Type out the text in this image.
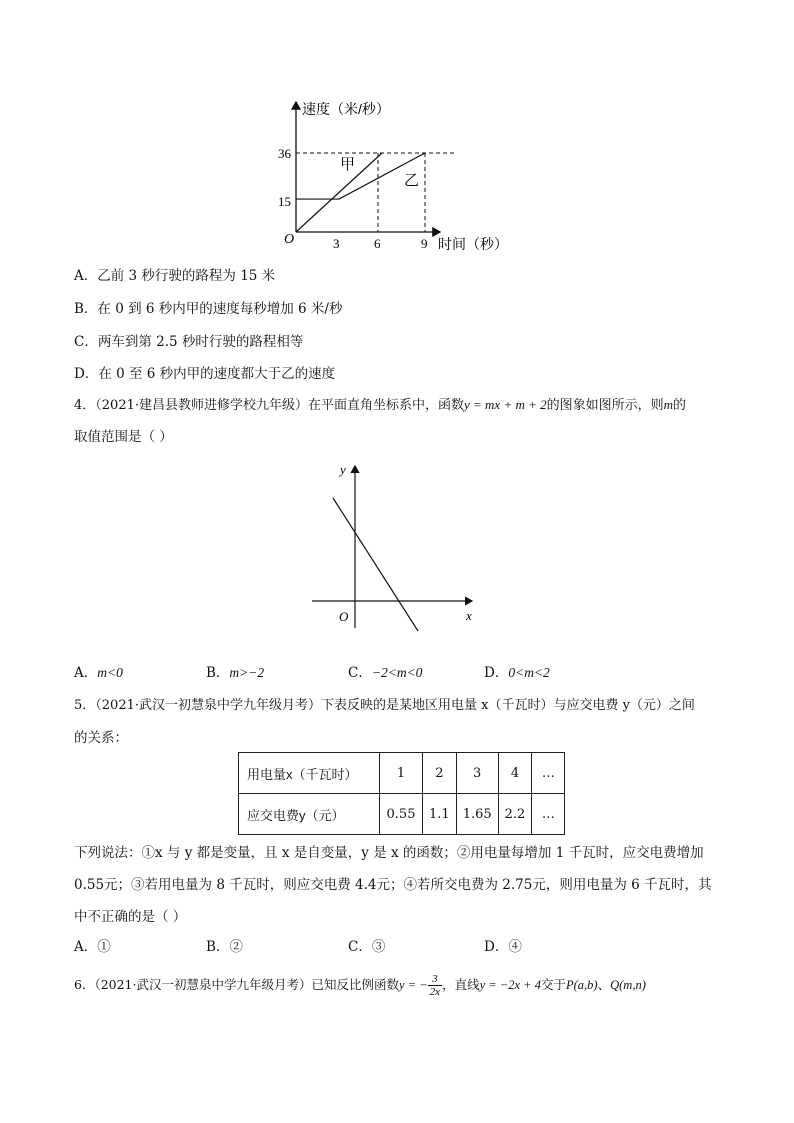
速度（米/秒）
时间（秒）
O
36
15
3	6	9
甲
乙
A．乙前 3 秒行驶的路程为 15 米
B．在 0 到 6 秒内甲的速度每秒增加 6 米/秒
C．两车到第 2.5 秒时行驶的路程相等
D．在 0 至 6 秒内甲的速度都大于乙的速度
4．（2021·建昌县教师进修学校九年级）在平面直角坐标系中，函数y = mx + m + 2的图象如图所示，则m的
取值范围是（ ）
y
x
O
A．m<0	B．m>−2	C．−2<m<0	D．0<m<2
5．（2021·武汉一初慧泉中学九年级月考）下表反映的是某地区用电量 x（千瓦时）与应交电费 y（元）之间
的关系：
用电量x（千瓦时）	1	2	3	4	…
应交电费y（元）	0.55	1.1	1.65	2.2	…
下列说法：①x 与 y 都是变量，且 x 是自变量，y 是 x 的函数；②用电量每增加 1 千瓦时，应交电费增加
0.55元；③若用电量为 8 千瓦时，则应交电费 4.4元；④若所交电费为 2.75元，则用电量为 6 千瓦时，其
中不正确的是（ ）
A．①	B．②	C．③	D．④
6．（2021·武汉一初慧泉中学九年级月考）已知反比例函数y = − $\frac{3}{2x}$ ，直线y = −2x + 4交于P(a,b)、Q(m,n)
